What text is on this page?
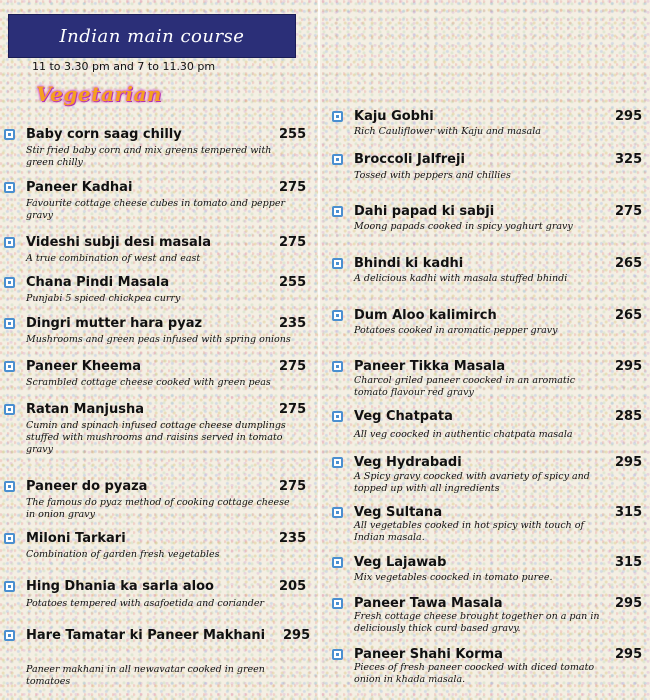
Indian main course
11 to 3.30 pm and 7 to 11.30 pm
Vegetarian
Baby corn saag chilly	255
Stir fried baby corn and mix greens tempered with green chilly
Paneer Kadhai	275
Favourite cottage cheese cubes in tomato and pepper gravy
Videshi subji desi masala	275
A true combination of west and east
Chana Pindi Masala	255
Punjabi 5 spiced chickpea curry
Dingri mutter hara pyaz	235
Mushrooms and green peas infused with spring onions
Paneer Kheema	275
Scrambled cottage cheese cooked with green peas
Ratan Manjusha	275
Cumin and spinach infused cottage cheese dumplings stuffed with mushrooms and raisins served in tomato gravy
Paneer do pyaza	275
The famous do pyaz method of cooking cottage cheese in onion gravy
Miloni Tarkari	235
Combination of garden fresh vegetables
Hing Dhania ka sarla aloo	205
Potatoes tempered with asafoetida and coriander
Hare Tamatar ki Paneer Makhani 295
Paneer makhani in all newavatar cooked in green tomatoes
Kaju Gobhi	295
Rich Cauliflower with Kaju and masala
Broccoli Jalfreji	325
Tossed with peppers and chillies
Dahi papad ki sabji	275
Moong papads cooked in spicy yoghurt gravy
Bhindi ki kadhi	265
A delicious kadhi with masala stuffed bhindi
Dum Aloo kalimirch	265
Potatoes cooked in aromatic pepper gravy
Paneer Tikka Masala	295
Charcol griled paneer coocked in an aromatic tomato flavour red gravy
Veg Chatpata	285
All veg coocked in authentic chatpata masala
Veg Hydrabadi	295
A Spicy gravy coocked with avariety of spicy and topped up with all ingredients
Veg Sultana	315
All vegetables cooked in hot spicy with touch of Indian masala.
Veg Lajawab	315
Mix vegetables coocked in tomato puree.
Paneer Tawa Masala	295
Fresh cottage cheese brought together on a pan in deliciously thick curd based gravy.
Paneer Shahi Korma	295
Pieces of fresh paneer coocked with diced tomato onion in khada masala.
